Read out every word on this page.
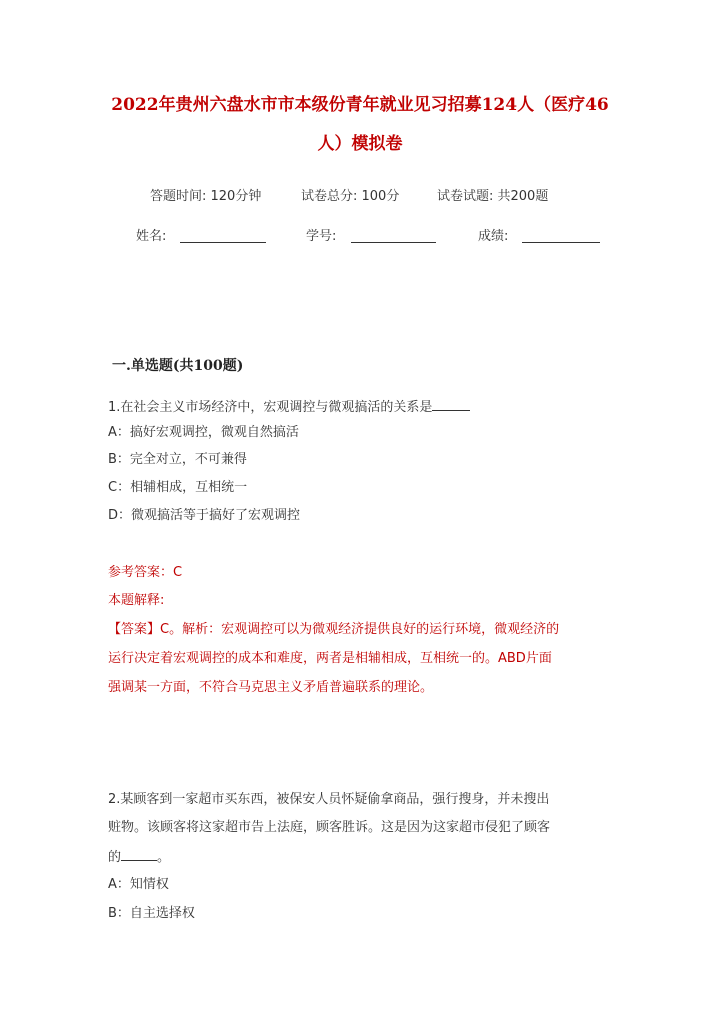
2022年贵州六盘水市市本级份青年就业见习招募124人（医疗46
人）模拟卷
答题时间: 120分钟	试卷总分: 100分	试卷试题: 共200题
姓名:	学号:	成绩:
一.单选题(共100题)
1.在社会主义市场经济中，宏观调控与微观搞活的关系是
A：搞好宏观调控，微观自然搞活
B：完全对立，不可兼得
C：相辅相成，互相统一
D：微观搞活等于搞好了宏观调控
参考答案：C
本题解释:
【答案】C。解析：宏观调控可以为微观经济提供良好的运行环境，微观经济的
运行决定着宏观调控的成本和难度，两者是相辅相成，互相统一的。ABD片面
强调某一方面，不符合马克思主义矛盾普遍联系的理论。
2.某顾客到一家超市买东西，被保安人员怀疑偷拿商品，强行搜身，并未搜出
赃物。该顾客将这家超市告上法庭，顾客胜诉。这是因为这家超市侵犯了顾客
的	。
A：知情权
B：自主选择权
